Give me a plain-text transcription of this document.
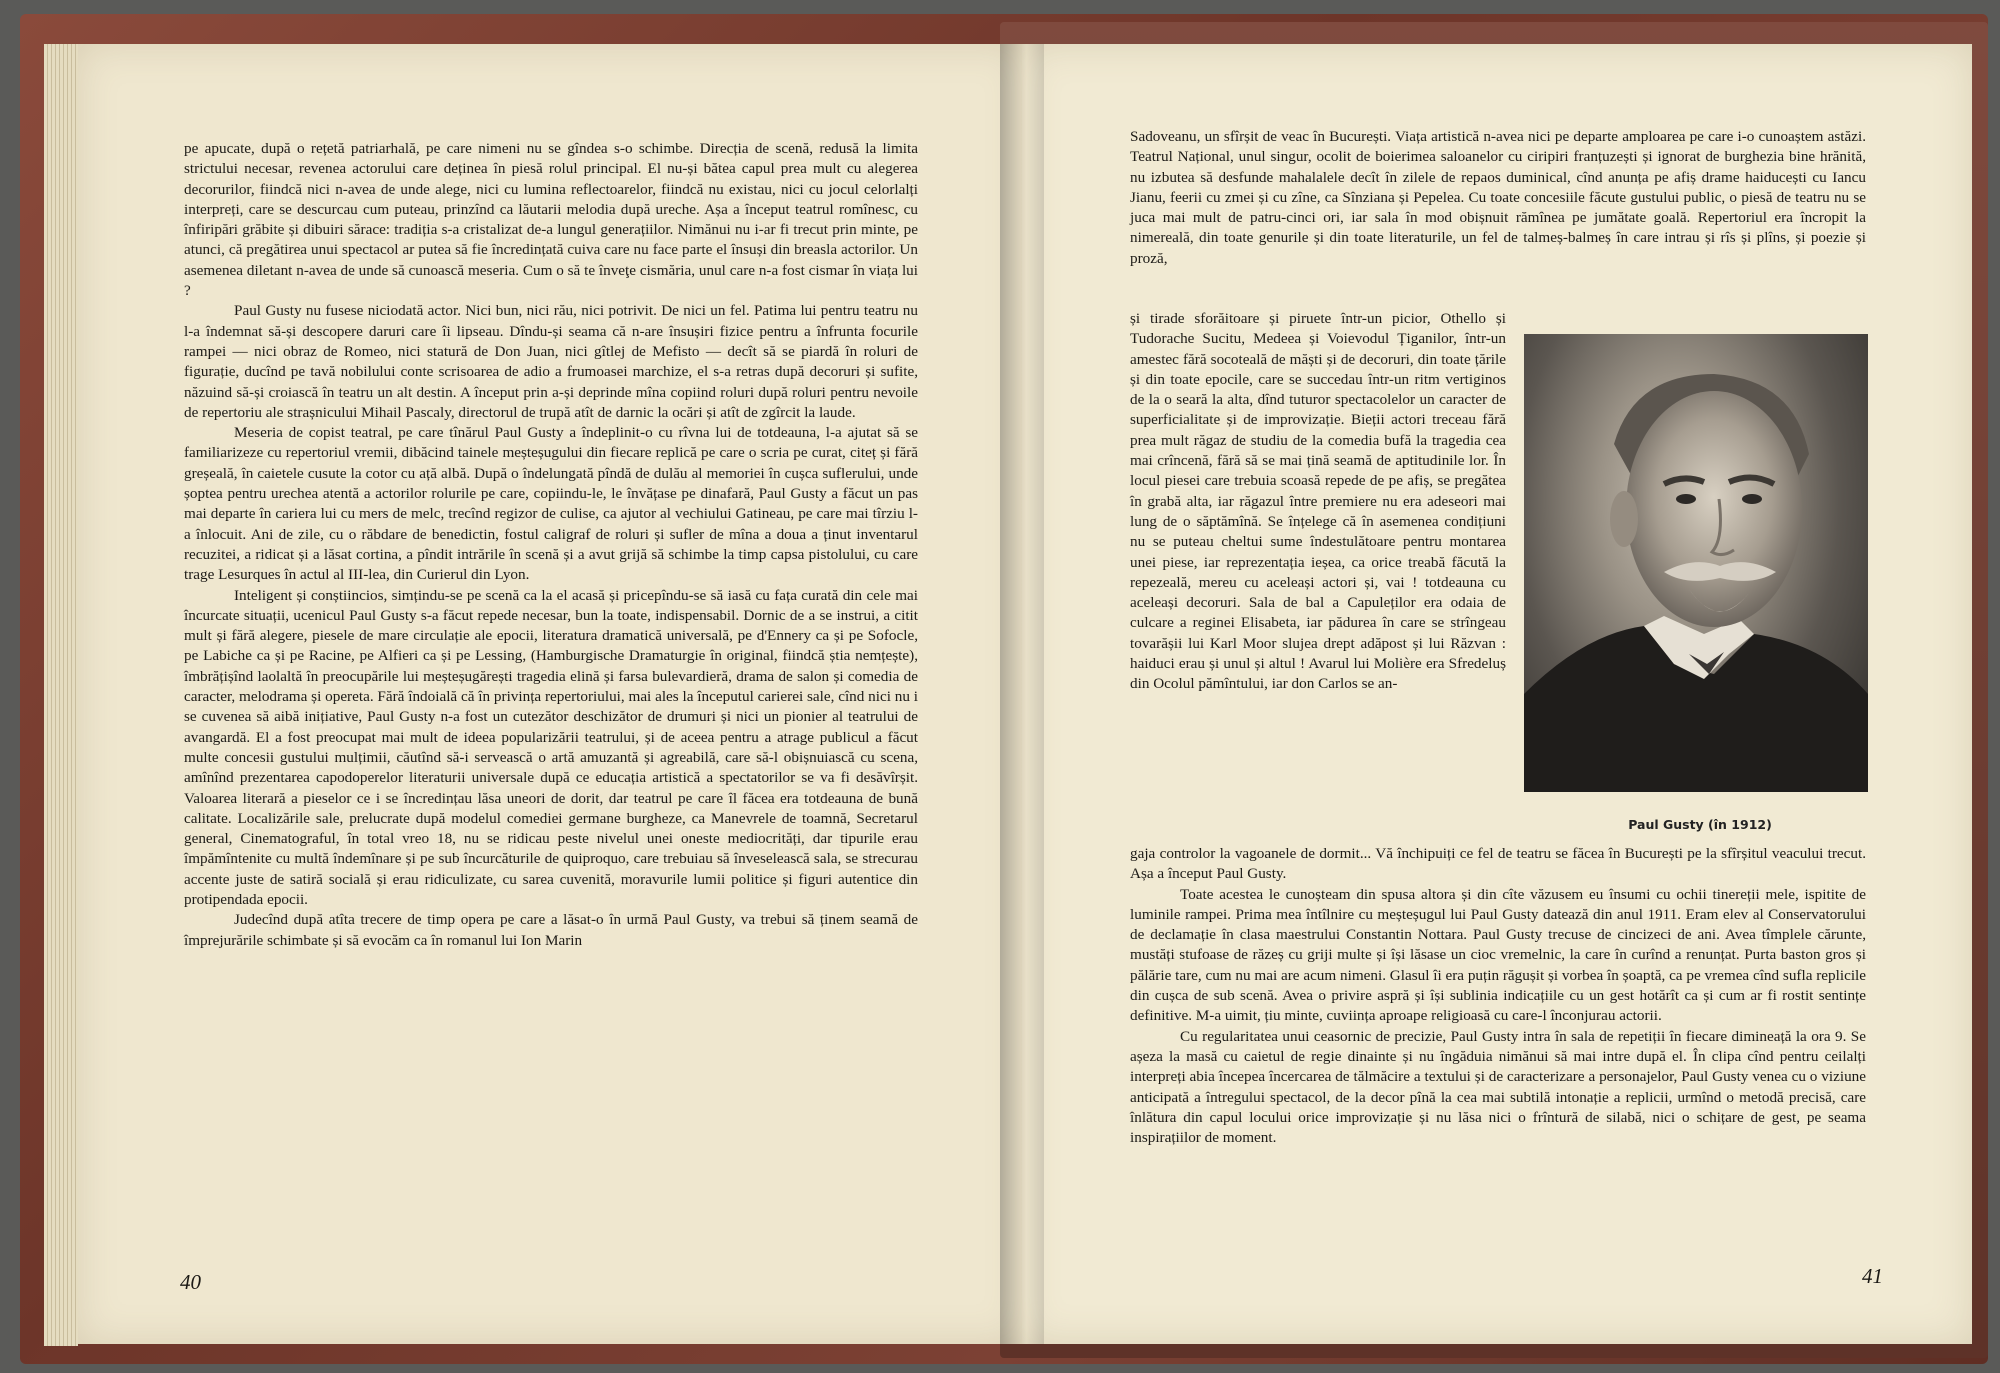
pe apucate, după o rețetă patriarhală, pe care nimeni nu se gîndea s-o schimbe. Direcția de scenă, redusă la limita strictului necesar, revenea actorului care deținea în piesă rolul principal. El nu-și bătea capul prea mult cu alegerea decorurilor, fiindcă nici n-avea de unde alege, nici cu lumina reflectoarelor, fiindcă nu existau, nici cu jocul celorlalți interpreți, care se descurcau cum puteau, prinzînd ca lăutarii melodia după ureche. Așa a început teatrul romînesc, cu înfiripări grăbite și dibuiri sărace: tradiția s-a cristalizat de-a lungul generațiilor. Nimănui nu i-ar fi trecut prin minte, pe atunci, că pregătirea unui spectacol ar putea să fie încredințată cuiva care nu face parte el însuși din breasla actorilor. Un asemenea diletant n-avea de unde să cunoască meseria. Cum o să te înveţe cismăria, unul care n-a fost cismar în viața lui ?

Paul Gusty nu fusese niciodată actor. Nici bun, nici rău, nici potrivit. De nici un fel. Patima lui pentru teatru nu l-a îndemnat să-și descopere daruri care îi lipseau. Dîndu-și seama că n-are însușiri fizice pentru a înfrunta focurile rampei — nici obraz de Romeo, nici statură de Don Juan, nici gîtlej de Mefisto — decît să se piardă în roluri de figurație, ducînd pe tavă nobilului conte scrisoarea de adio a frumoasei marchize, el s-a retras după decoruri și sufite, năzuind să-și croiască în teatru un alt destin. A început prin a-și deprinde mîna copiind roluri după roluri pentru nevoile de repertoriu ale strașnicului Mihail Pascaly, directorul de trupă atît de darnic la ocări și atît de zgîrcit la laude.

Meseria de copist teatral, pe care tînărul Paul Gusty a îndeplinit-o cu rîvna lui de totdeauna, l-a ajutat să se familiarizeze cu repertoriul vremii, dibăcind tainele meșteșugului din fiecare replică pe care o scria pe curat, citeț și fără greșeală, în caietele cusute la cotor cu ață albă. După o îndelungată pîndă de dulău al memoriei în cușca suflerului, unde șoptea pentru urechea atentă a actorilor rolurile pe care, copiindu-le, le învățase pe dinafară, Paul Gusty a făcut un pas mai departe în cariera lui cu mers de melc, trecînd regizor de culise, ca ajutor al vechiului Gatineau, pe care mai tîrziu l-a înlocuit. Ani de zile, cu o răbdare de benedictin, fostul caligraf de roluri și sufler de mîna a doua a ținut inventarul recuzitei, a ridicat și a lăsat cortina, a pîndit intrările în scenă și a avut grijă să schimbe la timp capsa pistolului, cu care trage Lesurques în actul al III-lea, din Curierul din Lyon.

Inteligent și conștiincios, simțindu-se pe scenă ca la el acasă și pricepîndu-se să iasă cu fața curată din cele mai încurcate situații, ucenicul Paul Gusty s-a făcut repede necesar, bun la toate, indispensabil. Dornic de a se instrui, a citit mult și fără alegere, piesele de mare circulație ale epocii, literatura dramatică universală, pe d'Ennery ca și pe Sofocle, pe Labiche ca și pe Racine, pe Alfieri ca și pe Lessing, (Hamburgische Dramaturgie în original, fiindcă știa nemțește), îmbrățișînd laolaltă în preocupările lui meșteșugărești tragedia elină și farsa bulevardieră, drama de salon și comedia de caracter, melodrama și opereta. Fără îndoială că în privința repertoriului, mai ales la începutul carierei sale, cînd nici nu i se cuvenea să aibă inițiative, Paul Gusty n-a fost un cutezător deschizător de drumuri și nici un pionier al teatrului de avangardă. El a fost preocupat mai mult de ideea popularizării teatrului, și de aceea pentru a atrage publicul a făcut multe concesii gustului mulțimii, căutînd să-i servească o artă amuzantă și agreabilă, care să-l obișnuiască cu scena, amînînd prezentarea capodoperelor literaturii universale după ce educația artistică a spectatorilor se va fi desăvîrșit. Valoarea literară a pieselor ce i se încredințau lăsa uneori de dorit, dar teatrul pe care îl făcea era totdeauna de bună calitate. Localizările sale, prelucrate după modelul comediei germane burgheze, ca Manevrele de toamnă, Secretarul general, Cinematograful, în total vreo 18, nu se ridicau peste nivelul unei oneste mediocrități, dar tipurile erau împămîntenite cu multă îndemînare și pe sub încurcăturile de quiproquo, care trebuiau să înveselească sala, se strecurau accente juste de satiră socială și erau ridiculizate, cu sarea cuvenită, moravurile lumii politice și figuri autentice din protipendada epocii.

Judecînd după atîta trecere de timp opera pe care a lăsat-o în urmă Paul Gusty, va trebui să ținem seamă de împrejurările schimbate și să evocăm ca în romanul lui Ion Marin

40

Sadoveanu, un sfîrșit de veac în București. Viața artistică n-avea nici pe departe amploarea pe care i-o cunoaștem astăzi. Teatrul Național, unul singur, ocolit de boierimea saloanelor cu ciripiri franțuzești și ignorat de burghezia bine hrănită, nu izbutea să desfunde mahalalele decît în zilele de repaos duminical, cînd anunța pe afiș drame haiducești cu Iancu Jianu, feerii cu zmei și cu zîne, ca Sînziana și Pepelea. Cu toate concesiile făcute gustului public, o piesă de teatru nu se juca mai mult de patru-cinci ori, iar sala în mod obișnuit rămînea pe jumătate goală. Repertoriul era încropit la nimereală, din toate genurile și din toate literaturile, un fel de talmeș-balmeș în care intrau și rîs și plîns, și poezie și proză,

și tirade sforăitoare și piruete într-un picior, Othello și Tudorache Sucitu, Medeea și Voievodul Țiganilor, într-un amestec fără socoteală de măști și de decoruri, din toate țările și din toate epocile, care se succedau într-un ritm vertiginos de la o seară la alta, dînd tuturor spectacolelor un caracter de superficialitate și de improvizație. Bieții actori treceau fără prea mult răgaz de studiu de la comedia bufă la tragedia cea mai crîncenă, fără să se mai țină seamă de aptitudinile lor. În locul piesei care trebuia scoasă repede de pe afiș, se pregătea în grabă alta, iar răgazul între premiere nu era adeseori mai lung de o săptămînă. Se înțelege că în asemenea condițiuni nu se puteau cheltui sume îndestulătoare pentru montarea unei piese, iar reprezentația ieșea, ca orice treabă făcută la repezeală, mereu cu aceleași actori și, vai ! totdeauna cu aceleași decoruri. Sala de bal a Capuleților era odaia de culcare a reginei Elisabeta, iar pădurea în care se strîngeau tovarășii lui Karl Moor slujea drept adăpost și lui Răzvan : haiduci erau și unul și altul ! Avarul lui Molière era Sfredeluș din Ocolul pămîntului, iar don Carlos se an-

Paul Gusty (în 1912)

gaja controlor la vagoanele de dormit... Vă închipuiți ce fel de teatru se făcea în București pe la sfîrșitul veacului trecut. Așa a început Paul Gusty.

Toate acestea le cunoșteam din spusa altora și din cîte văzusem eu însumi cu ochii tinereții mele, ispitite de luminile rampei. Prima mea întîlnire cu meșteșugul lui Paul Gusty datează din anul 1911. Eram elev al Conservatorului de declamație în clasa maestrului Constantin Nottara. Paul Gusty trecuse de cincizeci de ani. Avea tîmplele cărunte, mustăți stufoase de răzeș cu griji multe și își lăsase un cioc vremelnic, la care în curînd a renunțat. Purta baston gros și pălărie tare, cum nu mai are acum nimeni. Glasul îi era puțin răgușit și vorbea în șoaptă, ca pe vremea cînd sufla replicile din cușca de sub scenă. Avea o privire aspră și își sublinia indicațiile cu un gest hotărît ca și cum ar fi rostit sentințe definitive. M-a uimit, țiu minte, cuviința aproape religioasă cu care-l înconjurau actorii.

Cu regularitatea unui ceasornic de precizie, Paul Gusty intra în sala de repetiții în fiecare dimineață la ora 9. Se așeza la masă cu caietul de regie dinainte și nu îngăduia nimănui să mai intre după el. În clipa cînd pentru ceilalți interpreți abia începea încercarea de tălmăcire a textului și de caracterizare a personajelor, Paul Gusty venea cu o viziune anticipată a întregului spectacol, de la decor pînă la cea mai subtilă intonație a replicii, urmînd o metodă precisă, care înlătura din capul locului orice improvizație și nu lăsa nici o frîntură de silabă, nici o schițare de gest, pe seama inspirațiilor de moment.

41
